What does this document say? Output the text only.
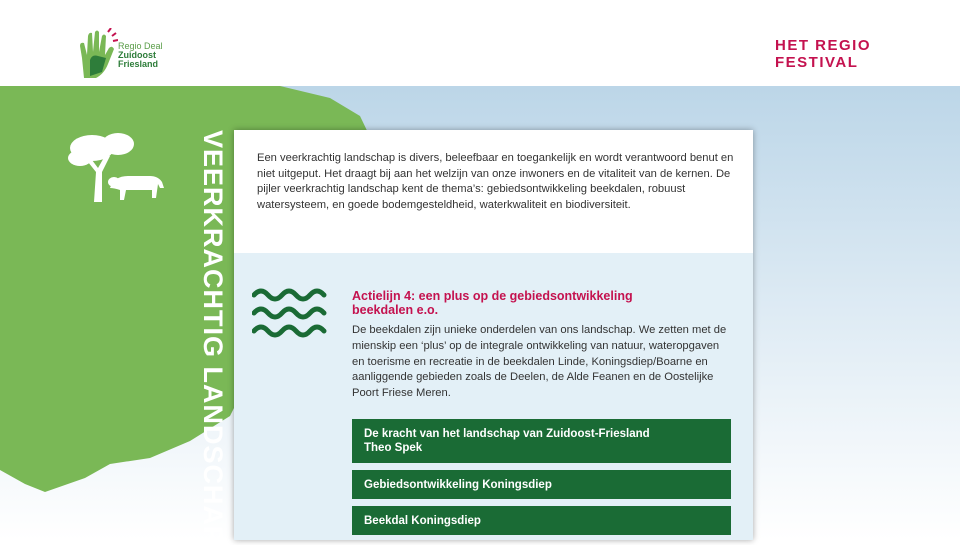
Regio Deal
Zuidoost
Friesland
HET REGIO
FESTIVAL
VEERKRACHTIG LANDSCHAP	Een veerkrachtig landschap is divers, beleefbaar en toegankelijk en wordt verantwoord benut en niet uitgeput. Het draagt bij aan het welzijn van onze inwoners en de vitaliteit van de kernen. De pijler veerkrachtig landschap kent de thema’s: gebiedsontwikkeling beekdalen, robuust watersysteem, en goede bodemgesteldheid, waterkwaliteit en biodiversiteit.

Actielijn 4: een plus op de gebiedsontwikkeling beekdalen e.o.

De beekdalen zijn unieke onderdelen van ons landschap. We zetten met de mienskip een ‘plus’ op de integrale ontwikkeling van natuur, wateropgaven en toerisme en recreatie in de beekdalen Linde, Koningsdiep/Boarne en aanliggende gebieden zoals de Deelen, de Alde Feanen en de Oostelijke Poort Friese Meren.

De kracht van het landschap van Zuidoost-Friesland
Theo Spek
Gebiedsontwikkeling Koningsdiep
Beekdal Koningsdiep
